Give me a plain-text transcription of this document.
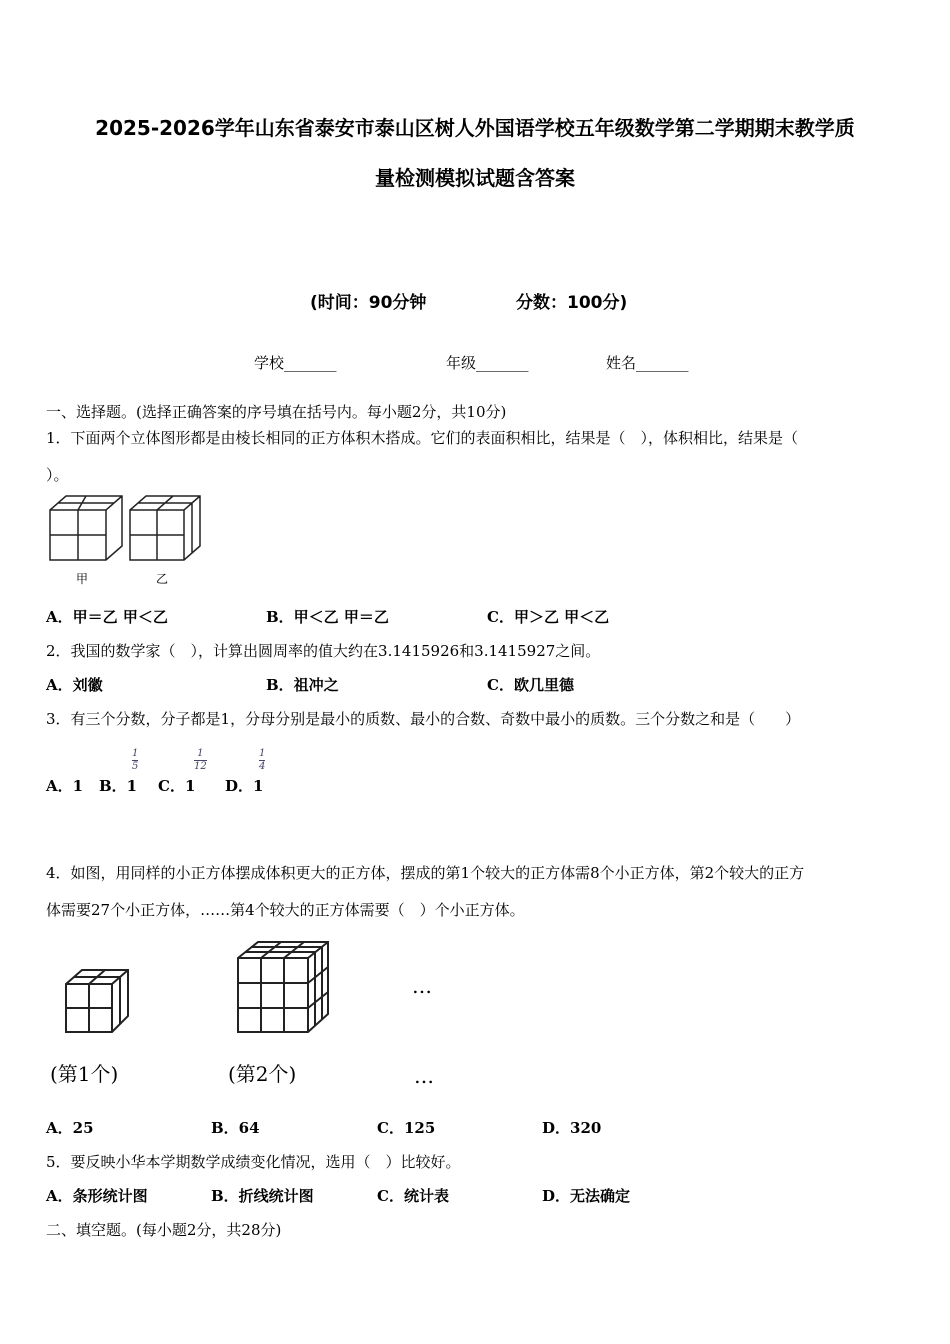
2025-2026学年山东省泰安市泰山区树人外国语学校五年级数学第二学期期末教学质
量检测模拟试题含答案
(时间：90分钟	分数：100分)
学校_______	年级_______	姓名_______
一、选择题。(选择正确答案的序号填在括号内。每小题2分，共10分)
1．下面两个立体图形都是由棱长相同的正方体积木搭成。它们的表面积相比，结果是（　），体积相比，结果是（
）。
甲	乙
A．甲＝乙 甲＜乙	B．甲＜乙 甲＝乙	C．甲＞乙 甲＜乙
2．我国的数学家（　），计算出圆周率的值大约在3.1415926和3.1415927之间。
A．刘徽	B．祖冲之	C．欧几里德
3．有三个分数，分子都是1，分母分别是最小的质数、最小的合数、奇数中最小的质数。三个分数之和是（　　）
A．1 B．1 C．1 D．1
$\frac{1}{5}$	$\frac{1}{12}$	$\frac{1}{4}$
4．如图，用同样的小正方体摆成体积更大的正方体，摆成的第1个较大的正方体需8个小正方体，第2个较大的正方
体需要27个小正方体，……第4个较大的正方体需要（　）个小正方体。
(第1个)	(第2个)
…
…
A．25	B．64	C．125	D．320
5．要反映小华本学期数学成绩变化情况，选用（　）比较好。
A．条形统计图	B．折线统计图	C．统计表	D．无法确定
二、填空题。(每小题2分，共28分)
